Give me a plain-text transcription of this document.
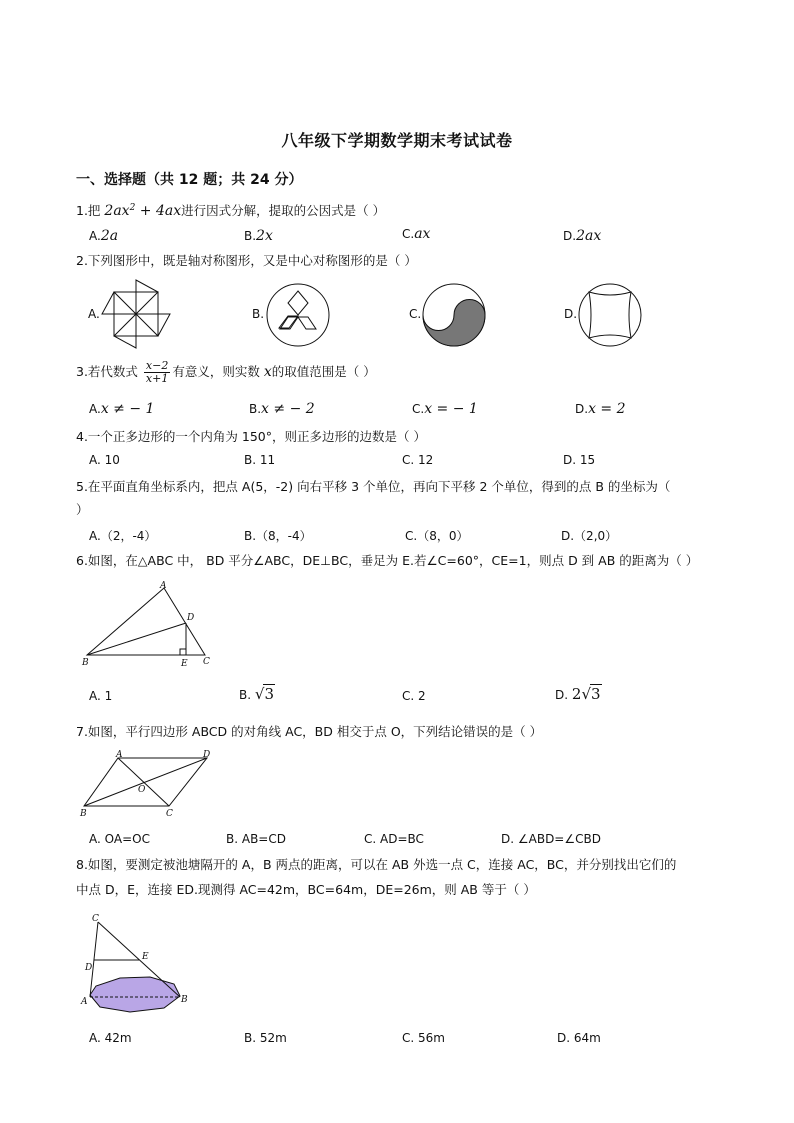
八年级下学期数学期末考试试卷
一、选择题（共 12 题；共 24 分）
1.把 $2ax^2 + 4ax$进行因式分解，提取的公因式是（ ）
A.2a	B.2x	C.ax	D.2ax
2.下列图形中，既是轴对称图形，又是中心对称图形的是（ ）
A.	B.	C.	D.
3.若代数式 $\frac{x-2}{x+1}$ 有意义，则实数 x的取值范围是（ ）
A.x ≠ − 1	B.x ≠ − 2	C.x = − 1	D.x = 2
4.一个正多边形的一个内角为 150°，则正多边形的边数是（ ）
A. 10	B. 11	C. 12	D. 15
5.在平面直角坐标系内，把点 A(5，-2) 向右平移 3 个单位，再向下平移 2 个单位，得到的点 B 的坐标为（
）
A.（2，-4）	B.（8，-4）	C.（8，0）	D.（2,0）
6.如图，在△ABC 中， BD 平分∠ABC，DE⊥BC，垂足为 E.若∠C=60°，CE=1，则点 D 到 AB 的距离为（ ）
A
B	C
D
E
A. 1	B. √3	C. 2	D. 2√3
7.如图，平行四边形 ABCD 的对角线 AC，BD 相交于点 O，下列结论错误的是（ ）
A	D
B	C
O
A. OA=OC	B. AB=CD	C. AD=BC	D. ∠ABD=∠CBD
8.如图，要测定被池塘隔开的 A，B 两点的距离，可以在 AB 外选一点 C，连接 AC，BC，并分别找出它们的
中点 D，E，连接 ED.现测得 AC=42m，BC=64m，DE=26m，则 AB 等于（ ）
C
D
E
A	B
A. 42m	B. 52m	C. 56m	D. 64m
